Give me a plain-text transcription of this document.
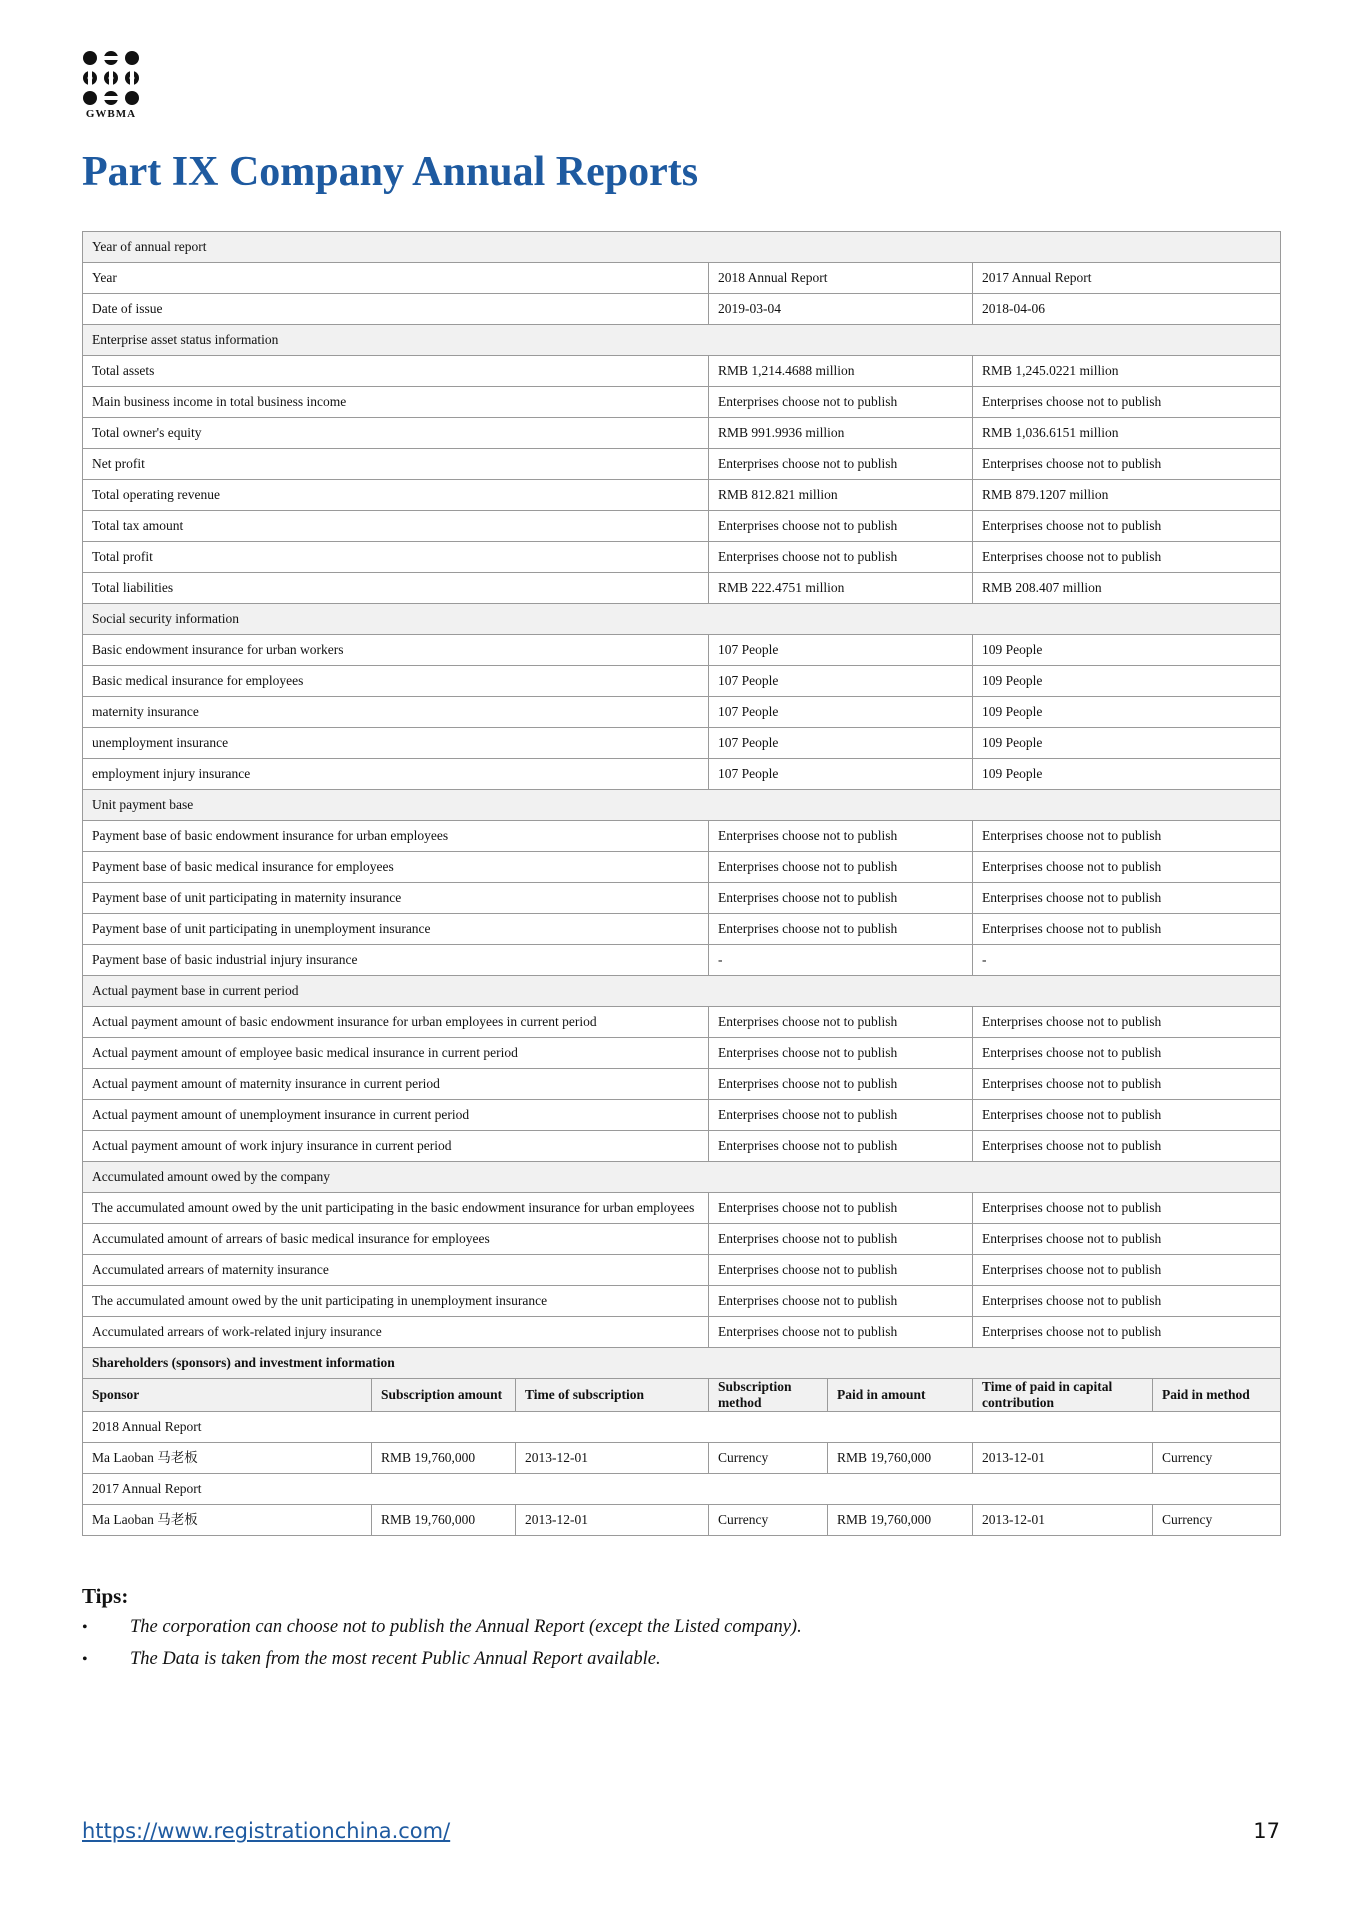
GWBMA
Part IX Company Annual Reports
Year of annual report						
Year			2018 Annual Report		2017 Annual Report	
Date of issue			2019-03-04		2018-04-06	
Enterprise asset status information						
Total assets			RMB 1,214.4688 million		RMB 1,245.0221 million	
Main business income in total business income			Enterprises choose not to publish		Enterprises choose not to publish	
Total owner's equity			RMB 991.9936 million		RMB 1,036.6151 million	
Net profit			Enterprises choose not to publish		Enterprises choose not to publish	
Total operating revenue			RMB 812.821 million		RMB 879.1207 million	
Total tax amount			Enterprises choose not to publish		Enterprises choose not to publish	
Total profit			Enterprises choose not to publish		Enterprises choose not to publish	
Total liabilities			RMB 222.4751 million		RMB 208.407 million	
Social security information						
Basic endowment insurance for urban workers			107 People		109 People	
Basic medical insurance for employees			107 People		109 People	
maternity insurance			107 People		109 People	
unemployment insurance			107 People		109 People	
employment injury insurance			107 People		109 People	
Unit payment base						
Payment base of basic endowment insurance for urban employees			Enterprises choose not to publish		Enterprises choose not to publish	
Payment base of basic medical insurance for employees			Enterprises choose not to publish		Enterprises choose not to publish	
Payment base of unit participating in maternity insurance			Enterprises choose not to publish		Enterprises choose not to publish	
Payment base of unit participating in unemployment insurance			Enterprises choose not to publish		Enterprises choose not to publish	
Payment base of basic industrial injury insurance			-		-	
Actual payment base in current period						
Actual payment amount of basic endowment insurance for urban employees in current period			Enterprises choose not to publish		Enterprises choose not to publish	
Actual payment amount of employee basic medical insurance in current period			Enterprises choose not to publish		Enterprises choose not to publish	
Actual payment amount of maternity insurance in current period			Enterprises choose not to publish		Enterprises choose not to publish	
Actual payment amount of unemployment insurance in current period			Enterprises choose not to publish		Enterprises choose not to publish	
Actual payment amount of work injury insurance in current period			Enterprises choose not to publish		Enterprises choose not to publish	
Accumulated amount owed by the company						
The accumulated amount owed by the unit participating in the basic endowment insurance for urban employees			Enterprises choose not to publish		Enterprises choose not to publish	
Accumulated amount of arrears of basic medical insurance for employees			Enterprises choose not to publish		Enterprises choose not to publish	
Accumulated arrears of maternity insurance			Enterprises choose not to publish		Enterprises choose not to publish	
The accumulated amount owed by the unit participating in unemployment insurance			Enterprises choose not to publish		Enterprises choose not to publish	
Accumulated arrears of work-related injury insurance			Enterprises choose not to publish		Enterprises choose not to publish	
Shareholders (sponsors) and investment information						
Sponsor	Subscription amount	Time of subscription	Subscription method	Paid in amount	Time of paid in capital contribution	Paid in method
2018 Annual Report						
Ma Laoban 马老板	RMB 19,760,000	2013-12-01	Currency	RMB 19,760,000	2013-12-01	Currency
2017 Annual Report						
Ma Laoban 马老板	RMB 19,760,000	2013-12-01	Currency	RMB 19,760,000	2013-12-01	Currency

Tips:

•	The corporation can choose not to publish the Annual Report (except the Listed company).
•	The Data is taken from the most recent Public Annual Report available.
https://www.registrationchina.com/	17
